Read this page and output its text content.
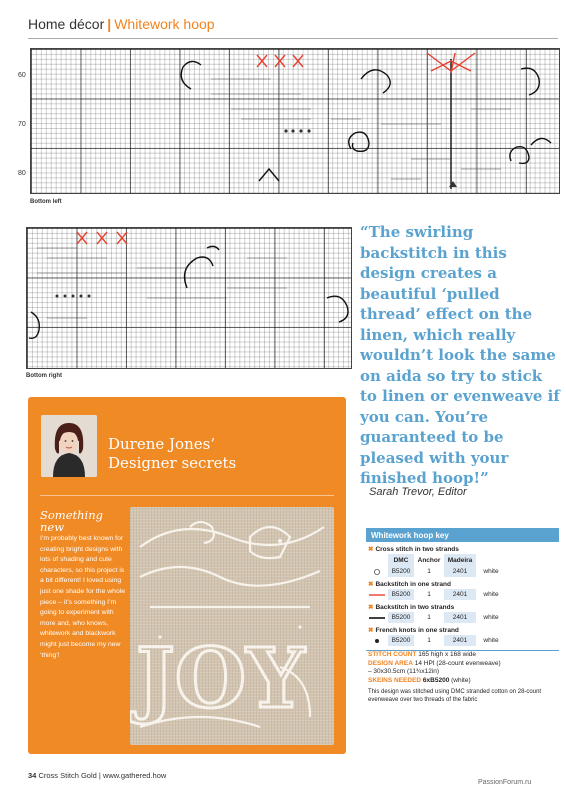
Home décor | Whitework hoop
60
70
80
Bottom left
Bottom right
“The swirling backstitch in this design creates a beautiful ‘pulled thread’ effect on the linen, which really wouldn’t look the same on aida so try to stick to linen or evenweave if you can. You’re guaranteed to be pleased with your finished hoop!”
Sarah Trevor, Editor
Durene Jones’
Designer secrets
Something
new
I’m probably best known for creating bright designs with lots of shading and cute characters, so this project is a bit different! I loved using just one shade for the whole piece – it’s something I’m going to experiment with more and, who knows, whitework and blackwork might just become my new ‘thing’! JOY
Whitework hoop key
✖ Cross stitch in two strands
DMC	Anchor	Madeira
B5200	1	2401	white
✖ Backstitch in one strand
B5200	1	2401	white
✖ Backstitch in two strands
B5200	1	2401	white
✖ French knots in one strand
B5200	1	2401	white
STITCH COUNT 165 high x 168 wide
DESIGN AREA 14 HPI (28-count evenweave)
– 30x30.5cm (11¾x12in)
SKEINS NEEDED 6xB5200 (white)
This design was stitched using DMC stranded cotton on 28-count evenweave over two threads of the fabric
34 Cross Stitch Gold | www.gathered.how
PassionForum.ru
